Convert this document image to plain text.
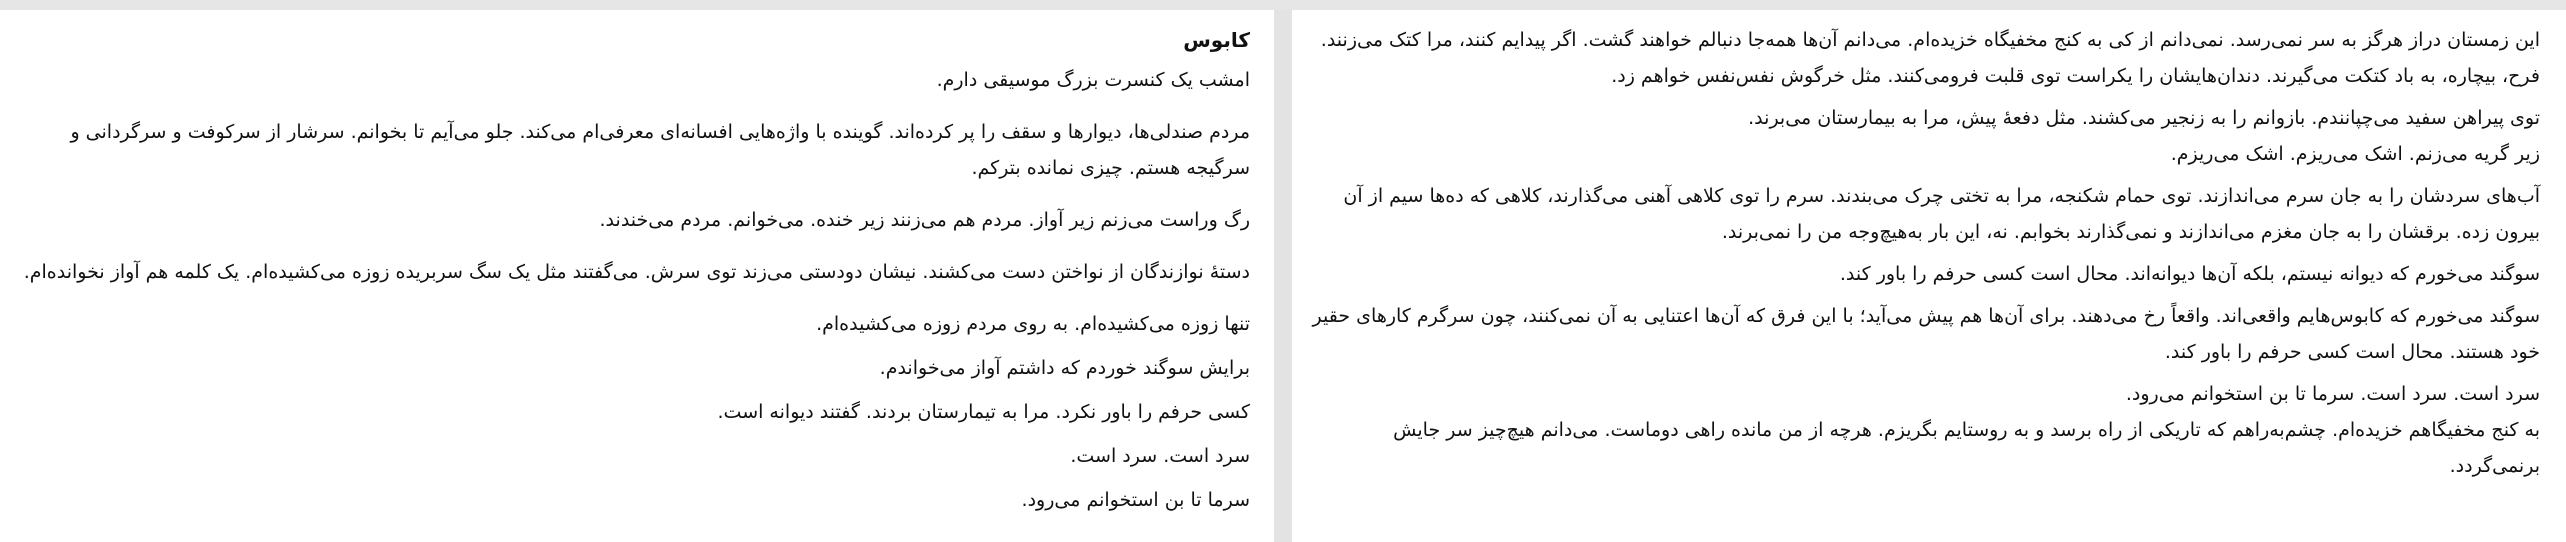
کابوس

امشب یک کنسرت بزرگ موسیقی دارم.

مردم صندلی‌ها، دیوارها و سقف را پر کرده‌اند. گوینده با واژه‌هایی افسانه‌ای معرفی‌ام می‌کند. جلو می‌آیم تا بخوانم. سرشار از سرکوفت و سرگردانی و سرگیجه هستم. چیزی نمانده بترکم.

رگ وراست می‌زنم زیر آواز. مردم هم می‌زنند زیر خنده. می‌خوانم. مردم می‌خندند.

دستهٔ نوازندگان از نواختن دست می‌کشند. نیشان دودستی می‌زند توی سرش. می‌گفتند مثل یک سگ سربریده زوزه می‌کشیده‌ام. یک کلمه هم آواز نخوانده‌ام.

تنها زوزه می‌کشیده‌ام. به روی مردم زوزه می‌کشیده‌ام.

برایش سوگند خوردم که داشتم آواز می‌خواندم.

کسی حرفم را باور نکرد. مرا به تیمارستان بردند. گفتند دیوانه است.

سرد است. سرد است.

سرما تا بن استخوانم می‌رود.

این زمستان دراز هرگز به سر نمی‌رسد. نمی‌دانم از کی به کنج مخفیگاه خزیده‌ام. می‌دانم آن‌ها همه‌جا دنبالم خواهند گشت. اگر پیدایم کنند، مرا کتک می‌زنند. فرح، بیچاره، به باد کتکت می‌گیرند. دندان‌هایشان را یکراست توی قلبت فرومی‌کنند. مثل خرگوش نفس‌نفس خواهم زد.

توی پیراهن سفید می‌چپانندم. بازوانم را به زنجیر می‌کشند. مثل دفعهٔ پیش، مرا به بیمارستان می‌برند.

زیر گریه می‌زنم. اشک می‌ریزم. اشک می‌ریزم.

آب‌های سردشان را به جان سرم می‌اندازند. توی حمام شکنجه، مرا به تختی چرک می‌بندند. سرم را توی کلاهی آهنی می‌گذارند، کلاهی که ده‌ها سیم از آن بیرون زده. برقشان را به جان مغزم می‌اندازند و نمی‌گذارند بخوابم. نه، این بار به‌هیچ‌وجه من را نمی‌برند.

سوگند می‌خورم که دیوانه نیستم، بلکه آن‌ها دیوانه‌اند. محال است کسی حرفم را باور کند.

سوگند می‌خورم که کابوس‌هایم واقعی‌اند. واقعاً رخ می‌دهند. برای آن‌ها هم پیش می‌آید؛ با این فرق که آن‌ها اعتنایی به آن نمی‌کنند، چون سرگرم کارهای حقیر خود هستند. محال است کسی حرفم را باور کند.

سرد است. سرد است. سرما تا بن استخوانم می‌رود.

به کنج مخفیگاهم خزیده‌ام. چشم‌به‌راهم که تاریکی از راه برسد و به روستایم بگریزم. هرچه از من مانده راهی دوماست. می‌دانم هیچ‌چیز سر جایش برنمی‌گردد.
